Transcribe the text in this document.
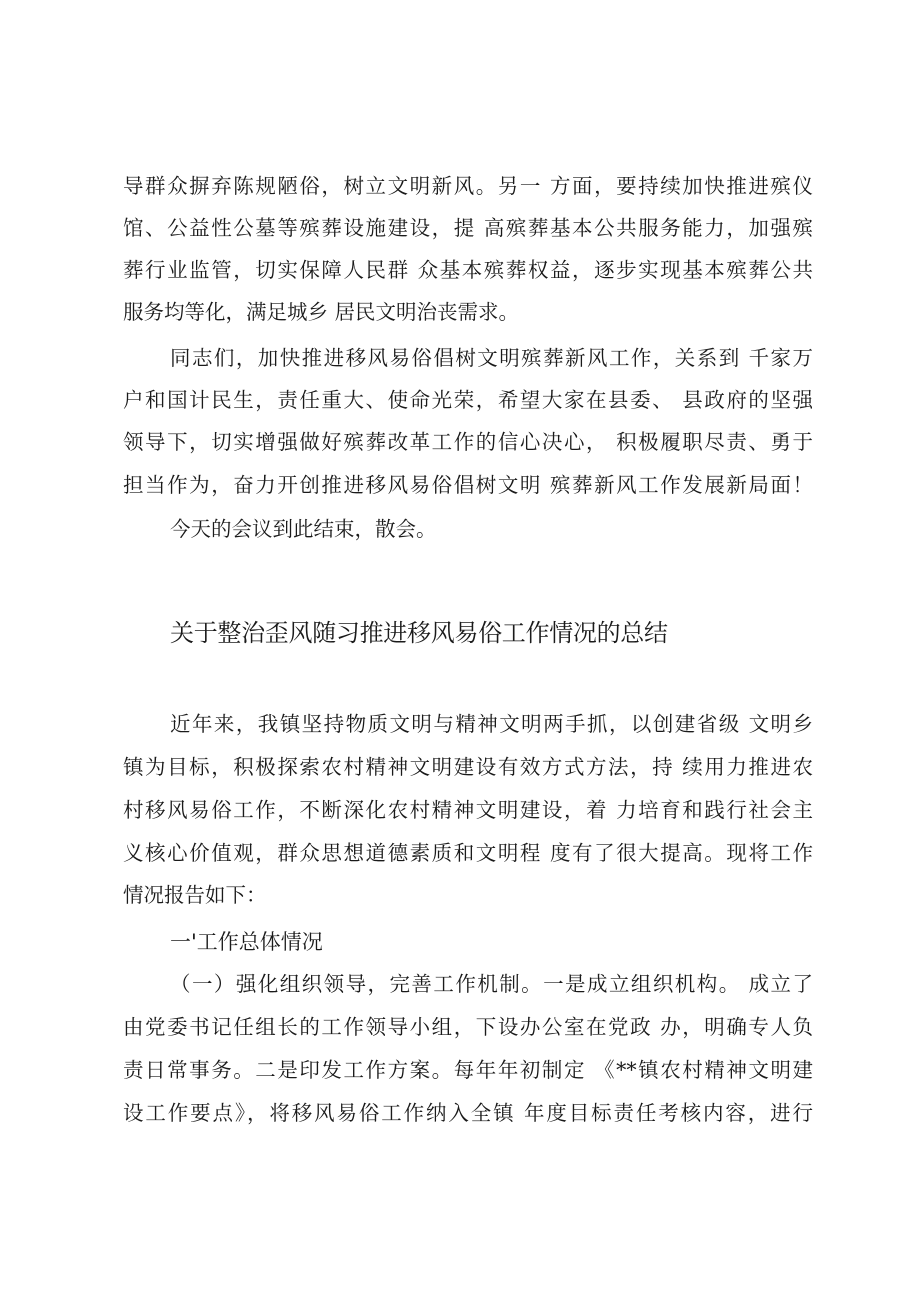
导群众摒弃陈规陋俗，树立文明新风。另一 方面，要持续加快推进殡仪
馆、公益性公墓等殡葬设施建设，提 高殡葬基本公共服务能力，加强殡
葬行业监管，切实保障人民群 众基本殡葬权益，逐步实现基本殡葬公共
服务均等化，满足城乡 居民文明治丧需求。
同志们，加快推进移风易俗倡树文明殡葬新风工作，关系到 千家万
户和国计民生，责任重大、使命光荣，希望大家在县委、 县政府的坚强
领导下，切实增强做好殡葬改革工作的信心决心， 积极履职尽责、勇于
担当作为，奋力开创推进移风易俗倡树文明 殡葬新风工作发展新局面！
今天的会议到此结束，散会。
关于整治歪风随习推进移风易俗工作情况的总结
近年来，我镇坚持物质文明与精神文明两手抓，以创建省级 文明乡
镇为目标，积极探索农村精神文明建设有效方式方法，持 续用力推进农
村移风易俗工作，不断深化农村精神文明建设，着 力培育和践行社会主
义核心价值观，群众思想道德素质和文明程 度有了很大提高。现将工作
情况报告如下：
一'工作总体情况
（一）强化组织领导，完善工作机制。一是成立组织机构。 成立了
由党委书记任组长的工作领导小组，下设办公室在党政 办，明确专人负
责日常事务。二是印发工作方案。每年年初制定 《**镇农村精神文明建
设工作要点》，将移风易俗工作纳入全镇 年度目标责任考核内容，进行
